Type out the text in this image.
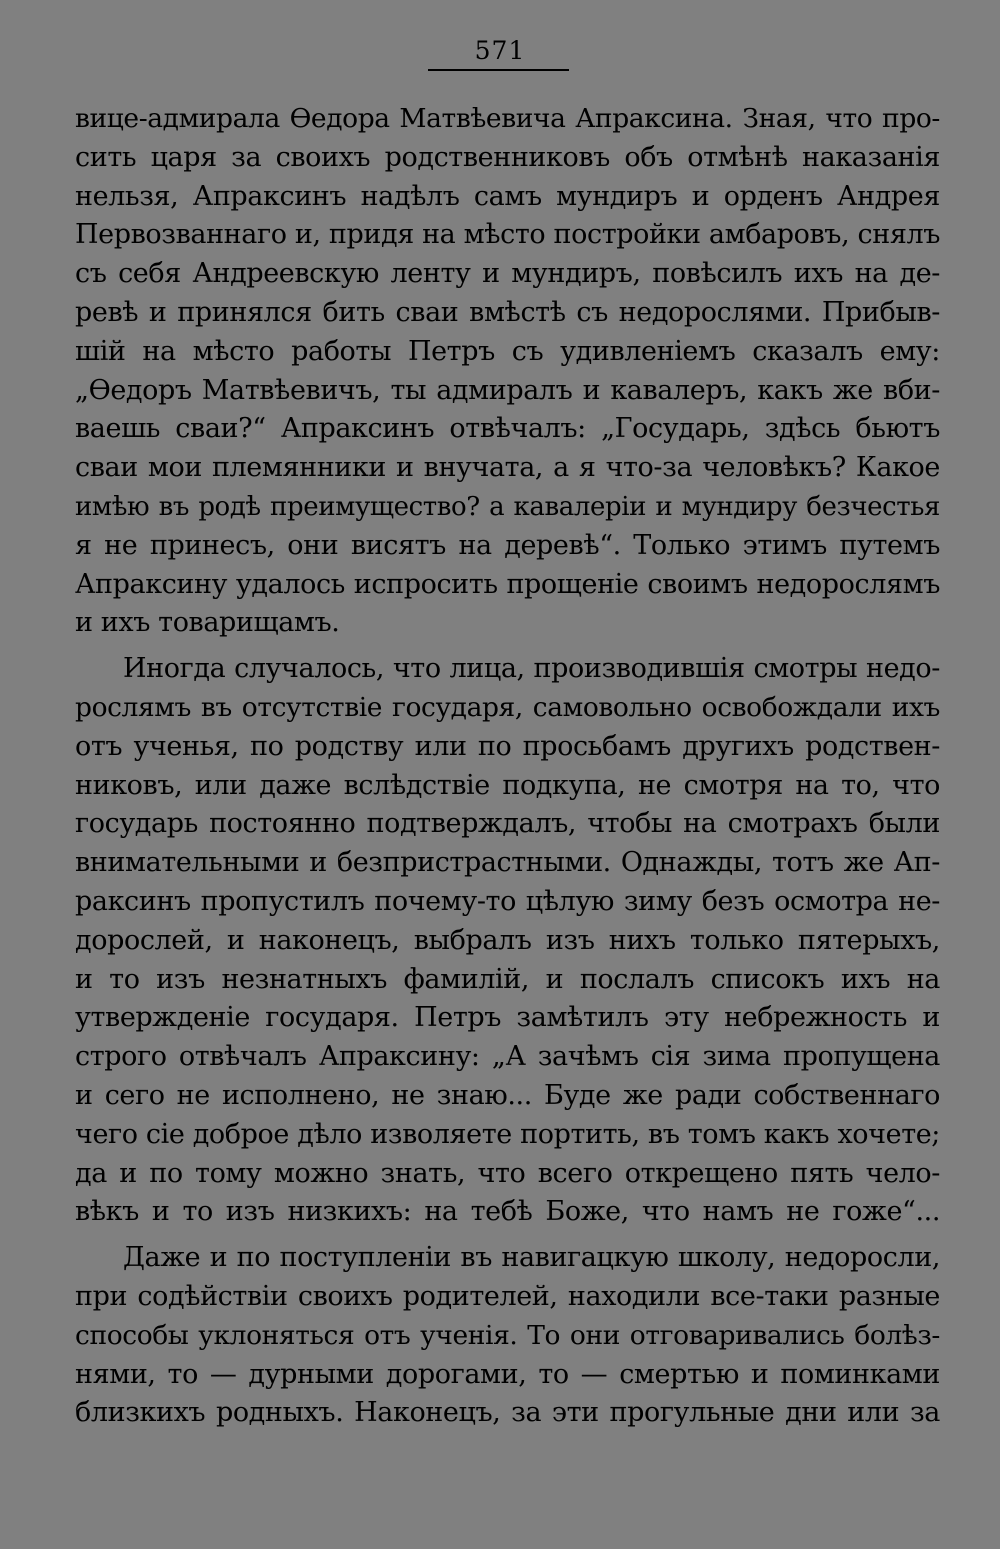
571
вице-адмирала Өедора Матвѣевича Апраксина. Зная, что про-
сить царя за своихъ родственниковъ объ отмѣнѣ наказанія
нельзя, Апраксинъ надѣлъ самъ мундиръ и орденъ Андрея
Первозваннаго и, придя на мѣсто постройки амбаровъ, снялъ
съ себя Андреевскую ленту и мундиръ, повѣсилъ ихъ на де-
ревѣ и принялся бить сваи вмѣстѣ съ недорослями. Прибыв-
шій на мѣсто работы Петръ съ удивленіемъ сказалъ ему:
„Өедоръ Матвѣевичъ, ты адмиралъ и кавалеръ, какъ же вби-
ваешь сваи?“ Апраксинъ отвѣчалъ: „Государь, здѣсь бьютъ
сваи мои племянники и внучата, а я что-за человѣкъ? Какое
имѣю въ родѣ преимущество? а кавалеріи и мундиру безчестья
я не принесъ, они висятъ на деревѣ“. Только этимъ путемъ
Апраксину удалось испросить прощеніе своимъ недорослямъ
и ихъ товарищамъ.
Иногда случалось, что лица, производившія смотры недо-
рослямъ въ отсутствіе государя, самовольно освобождали ихъ
отъ ученья, по родству или по просьбамъ другихъ родствен-
никовъ, или даже вслѣдствіе подкупа, не смотря на то, что
государь постоянно подтверждалъ, чтобы на смотрахъ были
внимательными и безпристрастными. Однажды, тотъ же Ап-
раксинъ пропустилъ почему-то цѣлую зиму безъ осмотра не-
дорослей, и наконецъ, выбралъ изъ нихъ только пятерыхъ,
и то изъ незнатныхъ фамилій, и послалъ списокъ ихъ на
утвержденіе государя. Петръ замѣтилъ эту небрежность и
строго отвѣчалъ Апраксину: „А зачѣмъ сія зима пропущена
и сего не исполнено, не знаю... Буде же ради собственнаго
чего сіе доброе дѣло изволяете портить, въ томъ какъ хочете;
да и по тому можно знать, что всего открещено пять чело-
вѣкъ и то изъ низкихъ: на тебѣ Боже, что намъ не гоже“...
Даже и по поступленіи въ навигацкую школу, недоросли,
при содѣйствіи своихъ родителей, находили все-таки разные
способы уклоняться отъ ученія. То они отговаривались болѣз-
нями, то — дурными дорогами, то — смертью и поминками
близкихъ родныхъ. Наконецъ, за эти прогульные дни или за
